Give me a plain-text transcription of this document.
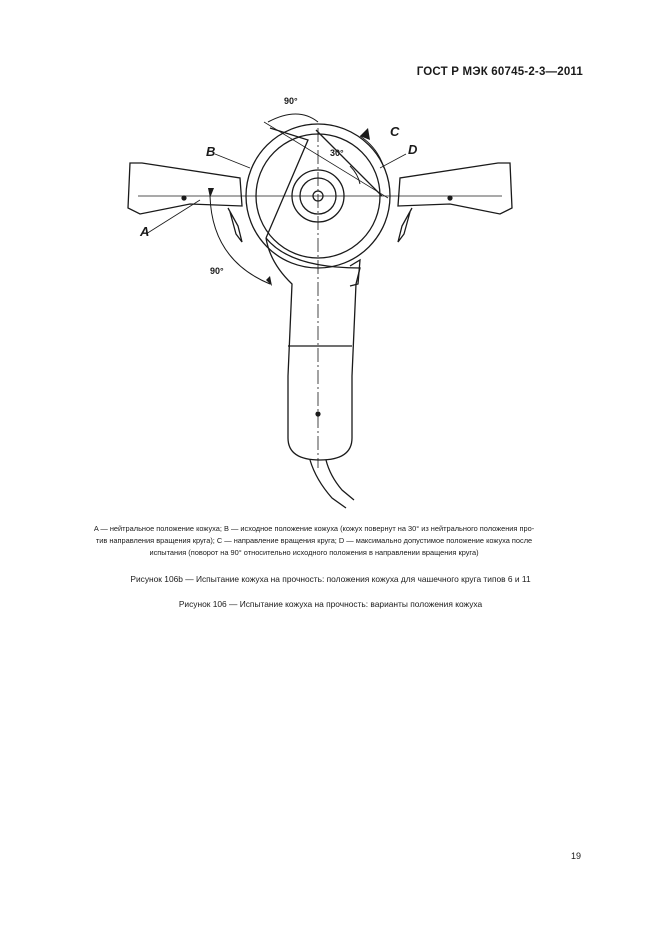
ГОСТ Р МЭК 60745-2-3—2011
B	D
C
A
90°
30°
90°
A — нейтральное положение кожуха; B — исходное положение кожуха (кожух повернут на 30° из нейтрального положения про-
тив направления вращения круга); C — направление вращения круга; D — максимально допустимое положение кожуха после
испытания (поворот на 90° относительно исходного положения в направлении вращения круга)
Рисунок 106b — Испытание кожуха на прочность: положения кожуха для чашечного круга типов 6 и 11
Рисунок 106 — Испытание кожуха на прочность: варианты положения кожуха
19
